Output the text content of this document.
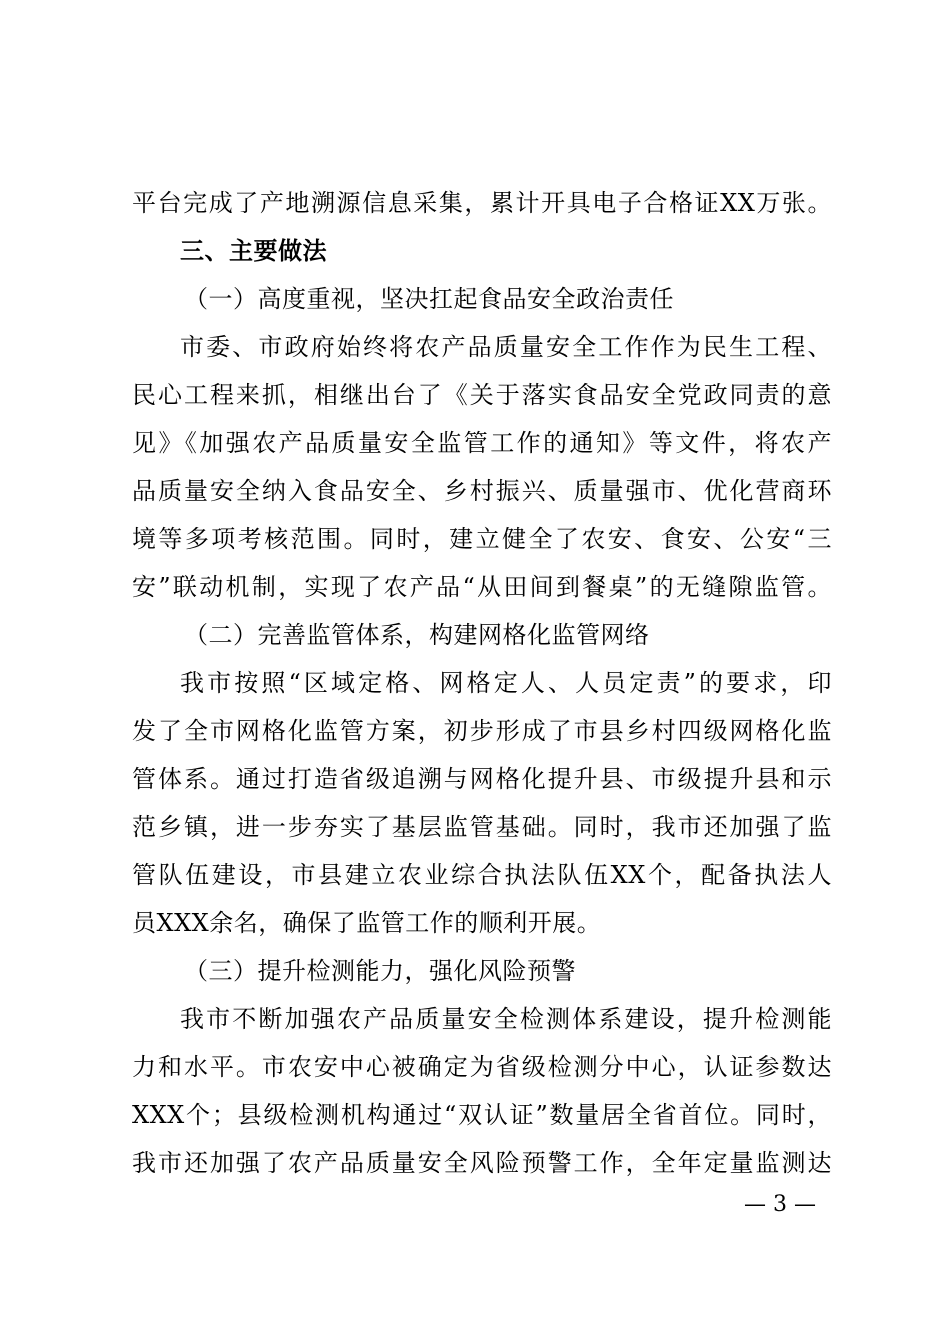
平台完成了产地溯源信息采集，累计开具电子合格证XX万张。
三、主要做法
（一）高度重视，坚决扛起食品安全政治责任
市委、市政府始终将农产品质量安全工作作为民生工程、
民心工程来抓，相继出台了《关于落实食品安全党政同责的意
见》《加强农产品质量安全监管工作的通知》等文件，将农产
品质量安全纳入食品安全、乡村振兴、质量强市、优化营商环
境等多项考核范围。同时，建立健全了农安、食安、公安“三
安”联动机制，实现了农产品“从田间到餐桌”的无缝隙监管。
（二）完善监管体系，构建网格化监管网络
我市按照“区域定格、网格定人、人员定责”的要求，印
发了全市网格化监管方案，初步形成了市县乡村四级网格化监
管体系。通过打造省级追溯与网格化提升县、市级提升县和示
范乡镇，进一步夯实了基层监管基础。同时，我市还加强了监
管队伍建设，市县建立农业综合执法队伍XX个，配备执法人
员XXX余名，确保了监管工作的顺利开展。
（三）提升检测能力，强化风险预警
我市不断加强农产品质量安全检测体系建设，提升检测能
力和水平。市农安中心被确定为省级检测分中心，认证参数达
XXX个；县级检测机构通过“双认证”数量居全省首位。同时，
我市还加强了农产品质量安全风险预警工作，全年定量监测达
— 3 —
